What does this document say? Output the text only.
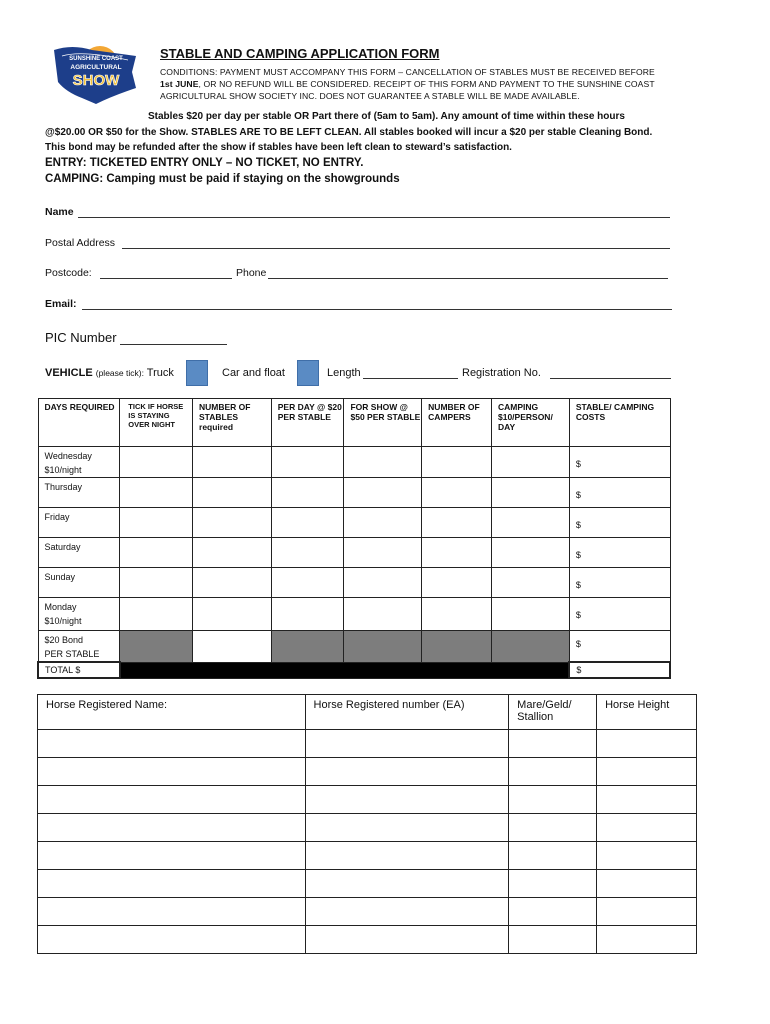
SUNSHINE COAST
AGRICULTURAL
SHOW
STABLE AND CAMPING APPLICATION FORM
CONDITIONS: PAYMENT MUST ACCOMPANY THIS FORM – CANCELLATION OF STABLES MUST BE RECEIVED BEFORE
1st JUNE, OR NO REFUND WILL BE CONSIDERED. RECEIPT OF THIS FORM AND PAYMENT TO THE SUNSHINE COAST
AGRICULTURAL SHOW SOCIETY INC. DOES NOT GUARANTEE A STABLE WILL BE MADE AVAILABLE.
Stables $20 per day per stable OR Part there of (5am to 5am). Any amount of time within these hours
@$20.00 OR $50 for the Show. STABLES ARE TO BE LEFT CLEAN. All stables booked will incur a $20 per stable Cleaning Bond.
This bond may be refunded after the show if stables have been left clean to steward’s satisfaction.
ENTRY: TICKETED ENTRY ONLY – NO TICKET, NO ENTRY.
CAMPING: Camping must be paid if staying on the showgrounds
Name
Postal Address
Postcode:	Phone
Email:
PIC Number
VEHICLE (please tick): Truck	Car and float	Length	Registration No.
DAYS REQUIRED	TICK IF HORSE IS STAYING OVER NIGHT	NUMBER OF STABLES required	PER DAY @ $20 PER STABLE	FOR SHOW @ $50 PER STABLE	NUMBER OF CAMPERS	CAMPING $10/PERSON/ DAY	STABLE/ CAMPING COSTS

Wednesday
$10/night							$

Thursday							$

Friday							$

Saturday							$

Sunday							$

Monday
$10/night							$

$20 Bond
PER STABLE							$
TOTAL $							$
Horse Registered Name:	Horse Registered number (EA)	Mare/Geld/ Stallion	Horse Height
